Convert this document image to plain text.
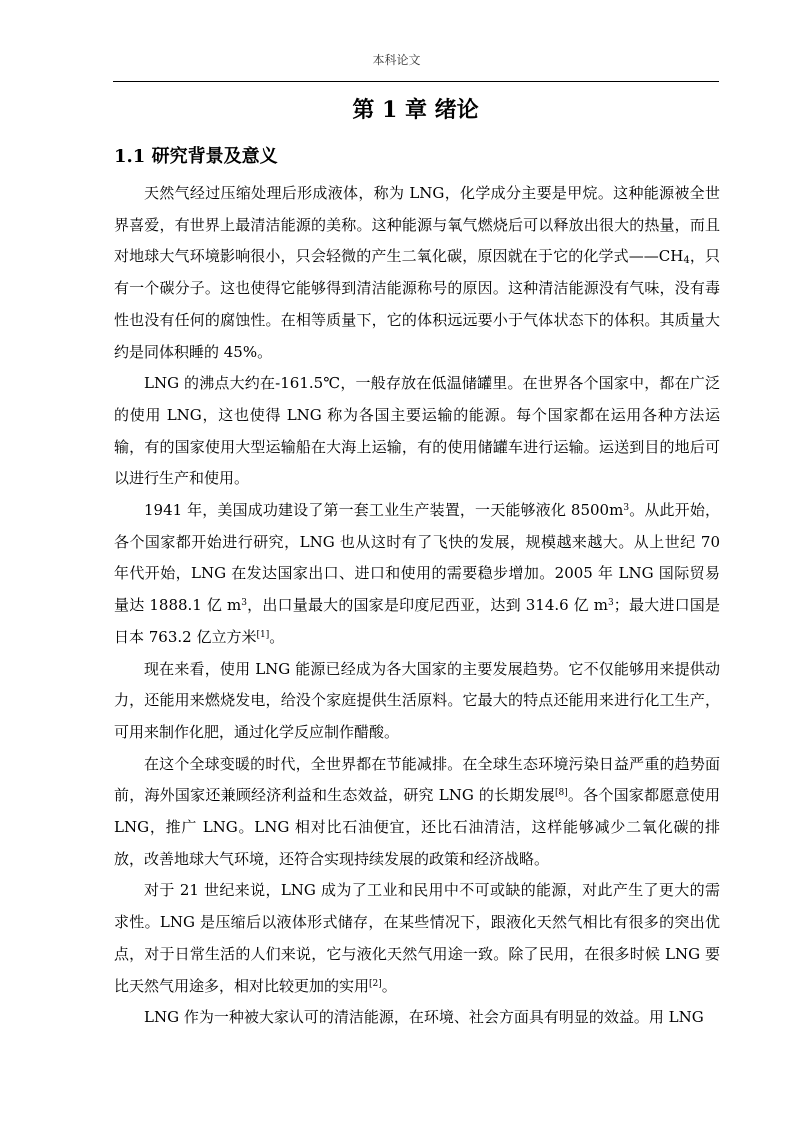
本科论文
第 1 章 绪论
1.1 研究背景及意义

天然气经过压缩处理后形成液体，称为 LNG，化学成分主要是甲烷。这种能源被全世界喜爱，有世界上最清洁能源的美称。这种能源与氧气燃烧后可以释放出很大的热量，而且对地球大气环境影响很小，只会轻微的产生二氧化碳，原因就在于它的化学式$——CH_4$，只有一个碳分子。这也使得它能够得到清洁能源称号的原因。这种清洁能源没有气味，没有毒性也没有任何的腐蚀性。在相等质量下，它的体积远远要小于气体状态下的体积。其质量大约是同体积睡的 45%。

LNG 的沸点大约在-161.5℃，一般存放在低温储罐里。在世界各个国家中，都在广泛的使用 LNG，这也使得 LNG 称为各国主要运输的能源。每个国家都在运用各种方法运输，有的国家使用大型运输船在大海上运输，有的使用储罐车进行运输。运送到目的地后可以进行生产和使用。

1941 年，美国成功建设了第一套工业生产装置，一天能够液化 $8500m^3$。从此开始，各个国家都开始进行研究，LNG 也从这时有了飞快的发展，规模越来越大。从上世纪 70 年代开始，LNG 在发达国家出口、进口和使用的需要稳步增加。2005 年 LNG 国际贸易量达 1888.1 亿 $m^3$，出口量最大的国家是印度尼西亚，达到 314.6 亿 $m^3$；最大进口国是日本 763.2 亿立方米[1]。

现在来看，使用 LNG 能源已经成为各大国家的主要发展趋势。它不仅能够用来提供动力，还能用来燃烧发电，给没个家庭提供生活原料。它最大的特点还能用来进行化工生产，可用来制作化肥，通过化学反应制作醋酸。

在这个全球变暖的时代，全世界都在节能减排。在全球生态环境污染日益严重的趋势面前，海外国家还兼顾经济利益和生态效益，研究 LNG 的长期发展[8]。各个国家都愿意使用 LNG，推广 LNG。LNG 相对比石油便宜，还比石油清洁，这样能够减少二氧化碳的排放，改善地球大气环境，还符合实现持续发展的政策和经济战略。

对于 21 世纪来说，LNG 成为了工业和民用中不可或缺的能源，对此产生了更大的需求性。LNG 是压缩后以液体形式储存，在某些情况下，跟液化天然气相比有很多的突出优点，对于日常生活的人们来说，它与液化天然气用途一致。除了民用，在很多时候 LNG 要比天然气用途多，相对比较更加的实用[2]。

LNG 作为一种被大家认可的清洁能源，在环境、社会方面具有明显的效益。用 LNG
